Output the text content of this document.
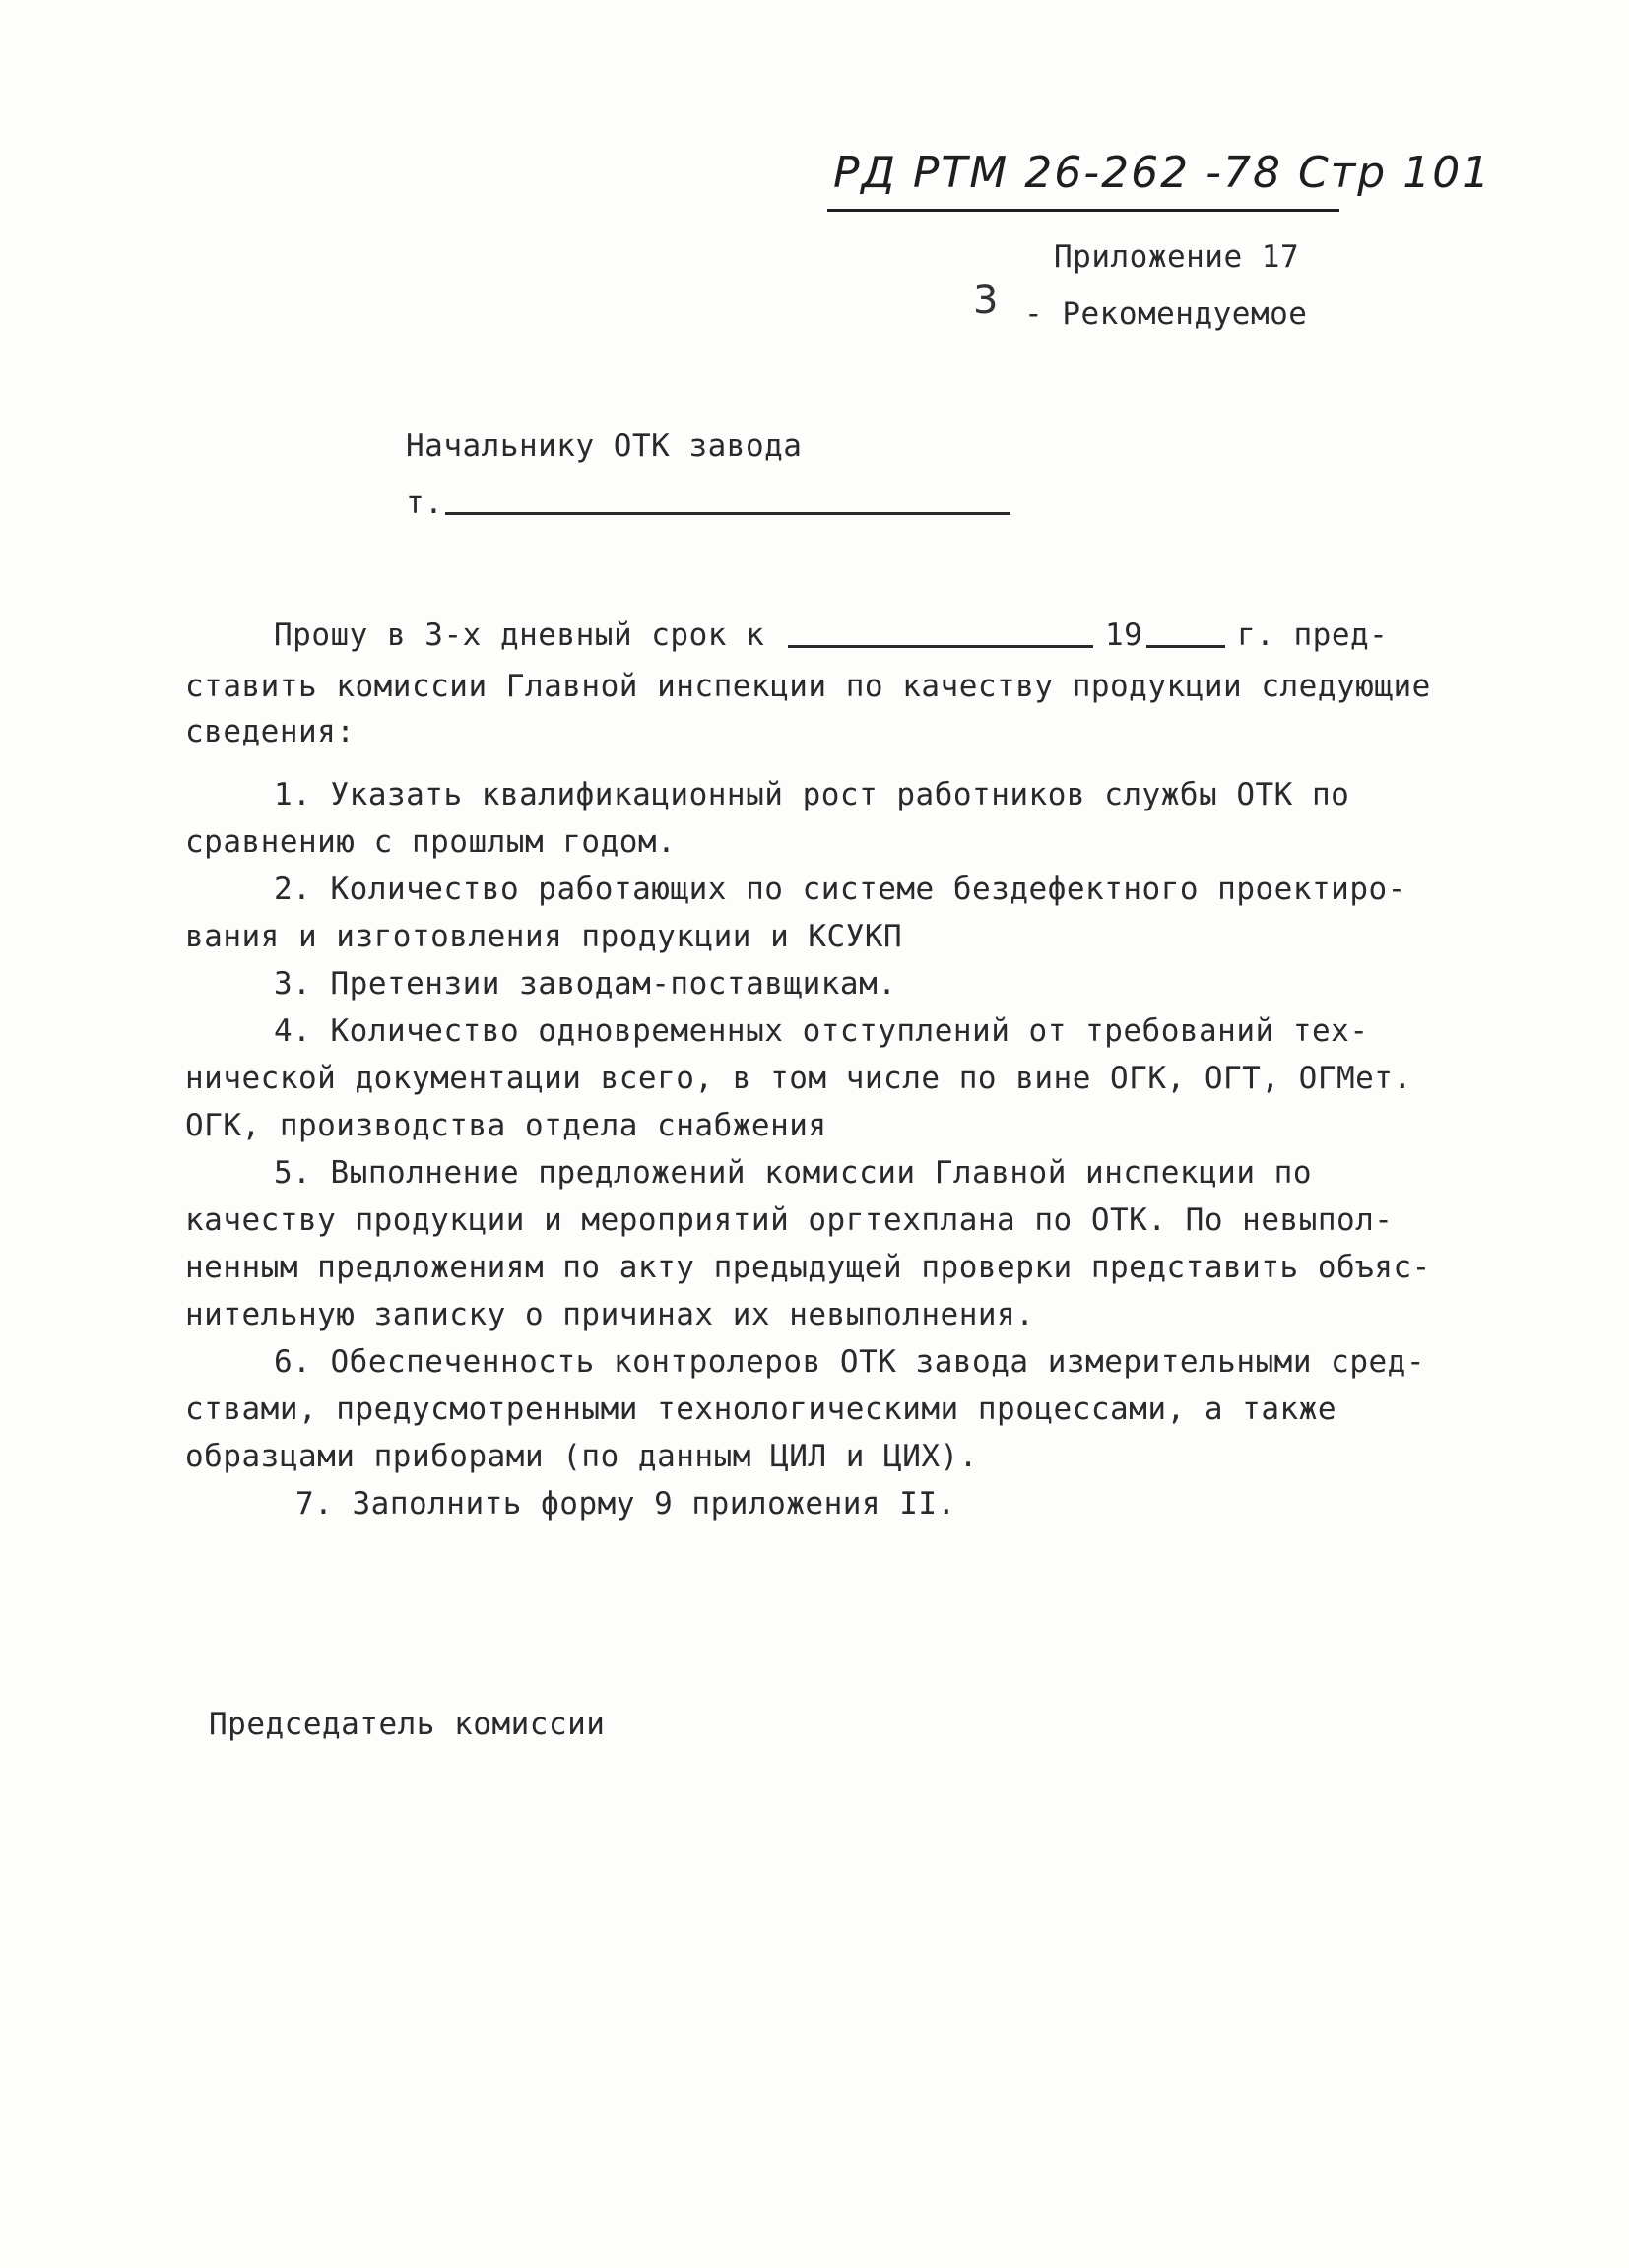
РД РТМ 26-262 -78 Стр 101
Приложение 17
3 - Рекомендуемое
Начальнику ОТК завода
т.
Прошу в 3-х дневный срок к	19	г. пред-
ставить комиссии Главной инспекции по качеству продукции следующие
сведения:
1. Указать квалификационный рост работников службы ОТК по
сравнению с прошлым годом.
2. Количество работающих по системе бездефектного проектиро-
вания и изготовления продукции и КСУКП
3. Претензии заводам-поставщикам.
4. Количество одновременных отступлений от требований тех-
нической документации всего, в том числе по вине ОГК, ОГТ, ОГМет.
ОГК, производства отдела снабжения
5. Выполнение предложений комиссии Главной инспекции по
качеству продукции и мероприятий оргтехплана по ОТК. По невыпол-
ненным предложениям по акту предыдущей проверки представить объяс-
нительную записку о причинах их невыполнения.
6. Обеспеченность контролеров ОТК завода измерительными сред-
ствами, предусмотренными технологическими процессами, а также
образцами приборами (по данным ЦИЛ и ЦИХ).
7. Заполнить форму 9 приложения II.
Председатель комиссии
